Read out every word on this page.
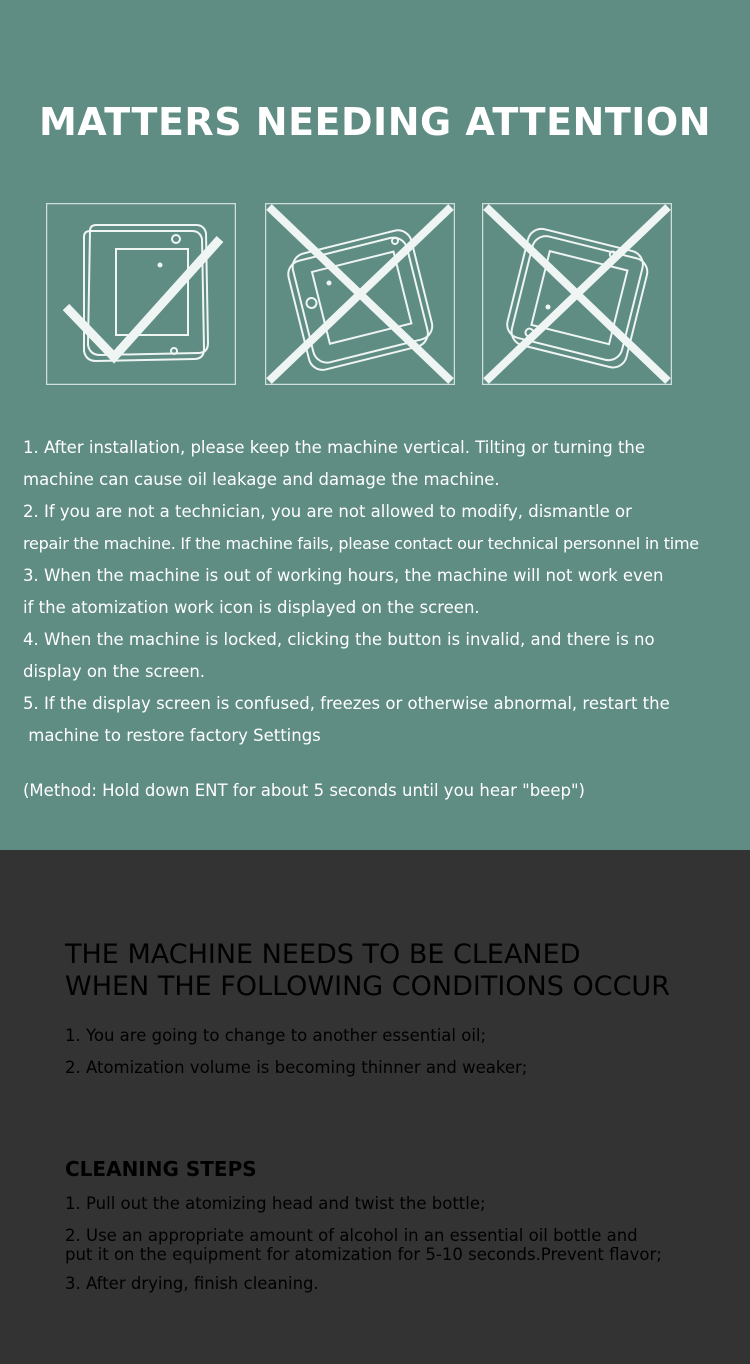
MATTERS NEEDING ATTENTION
1. After installation, please keep the machine vertical. Tilting or turning the
machine can cause oil leakage and damage the machine.
2. If you are not a technician, you are not allowed to modify, dismantle or
repair the machine. If the machine fails, please contact our technical personnel in time
3. When the machine is out of working hours, the machine will not work even
if the atomization work icon is displayed on the screen.
4. When the machine is locked, clicking the button is invalid, and there is no
display on the screen.
5. If the display screen is confused, freezes or otherwise abnormal, restart the
machine to restore factory Settings
(Method: Hold down ENT for about 5 seconds until you hear "beep")
THE MACHINE NEEDS TO BE CLEANED
WHEN THE FOLLOWING CONDITIONS OCCUR
1. You are going to change to another essential oil;
2. Atomization volume is becoming thinner and weaker;
CLEANING STEPS
1. Pull out the atomizing head and twist the bottle;
2. Use an appropriate amount of alcohol in an essential oil bottle and
put it on the equipment for atomization for 5-10 seconds.Prevent flavor;
3. After drying, finish cleaning.
